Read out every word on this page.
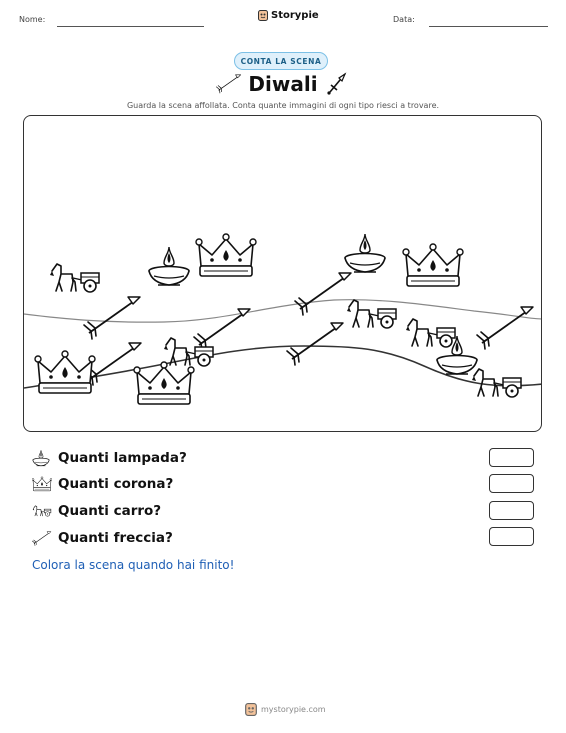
Nome:	Storypie	Data:
CONTA LA SCENA
Diwali
Guarda la scena affollata. Conta quante immagini di ogni tipo riesci a trovare.
Quanti lampada?
Quanti corona?
Quanti carro?
Quanti freccia?
Colora la scena quando hai finito!
mystorypie.com
